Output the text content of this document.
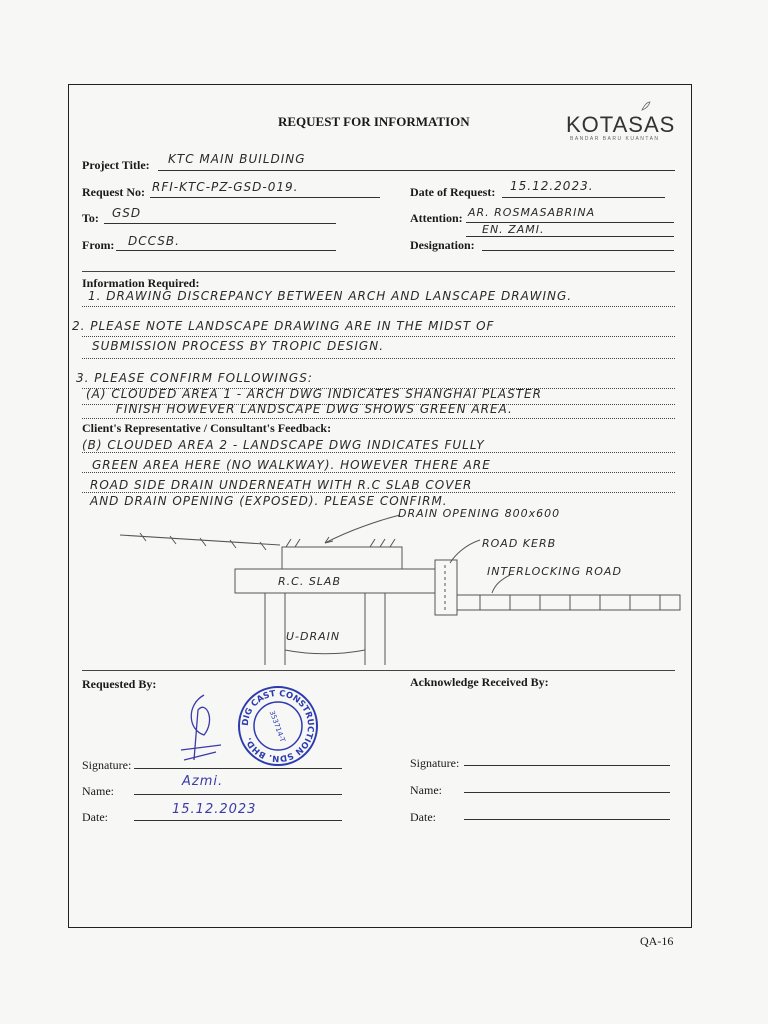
REQUEST FOR INFORMATION	KOTASAS
BANDAR BARU KUANTAN
Project Title: KTC MAIN BUILDING
Request No: RFI-KTC-PZ-GSD-019.	Date of Request: 15.12.2023.
To: GSD	Attention: AR. ROSMASABRINA
EN. ZAMI.
From: DCCSB.	Designation:
Information Required:
1. DRAWING DISCREPANCY BETWEEN ARCH AND LANSCAPE DRAWING.
2. PLEASE NOTE LANDSCAPE DRAWING ARE IN THE MIDST OF
SUBMISSION PROCESS BY TROPIC DESIGN.
3. PLEASE CONFIRM FOLLOWINGS:
(A) CLOUDED AREA 1 - ARCH DWG INDICATES SHANGHAI PLASTER
FINISH HOWEVER LANDSCAPE DWG SHOWS GREEN AREA.
Client's Representative / Consultant's Feedback:
(B) CLOUDED AREA 2 - LANDSCAPE DWG INDICATES FULLY
GREEN AREA HERE (NO WALKWAY). HOWEVER THERE ARE
ROAD SIDE DRAIN UNDERNEATH WITH R.C SLAB COVER
AND DRAIN OPENING (EXPOSED). PLEASE CONFIRM.
DRAIN OPENING 800x600
ROAD KERB
INTERLOCKING ROAD
R.C. SLAB
U-DRAIN
Requested By:
DIG CAST CONSTRUCTION SDN. BHD.	353714-T
Signature:
Name:
Azmi.
Date:	15.12.2023
Acknowledge Received By:
Signature:
Name:
Date:
QA-16
